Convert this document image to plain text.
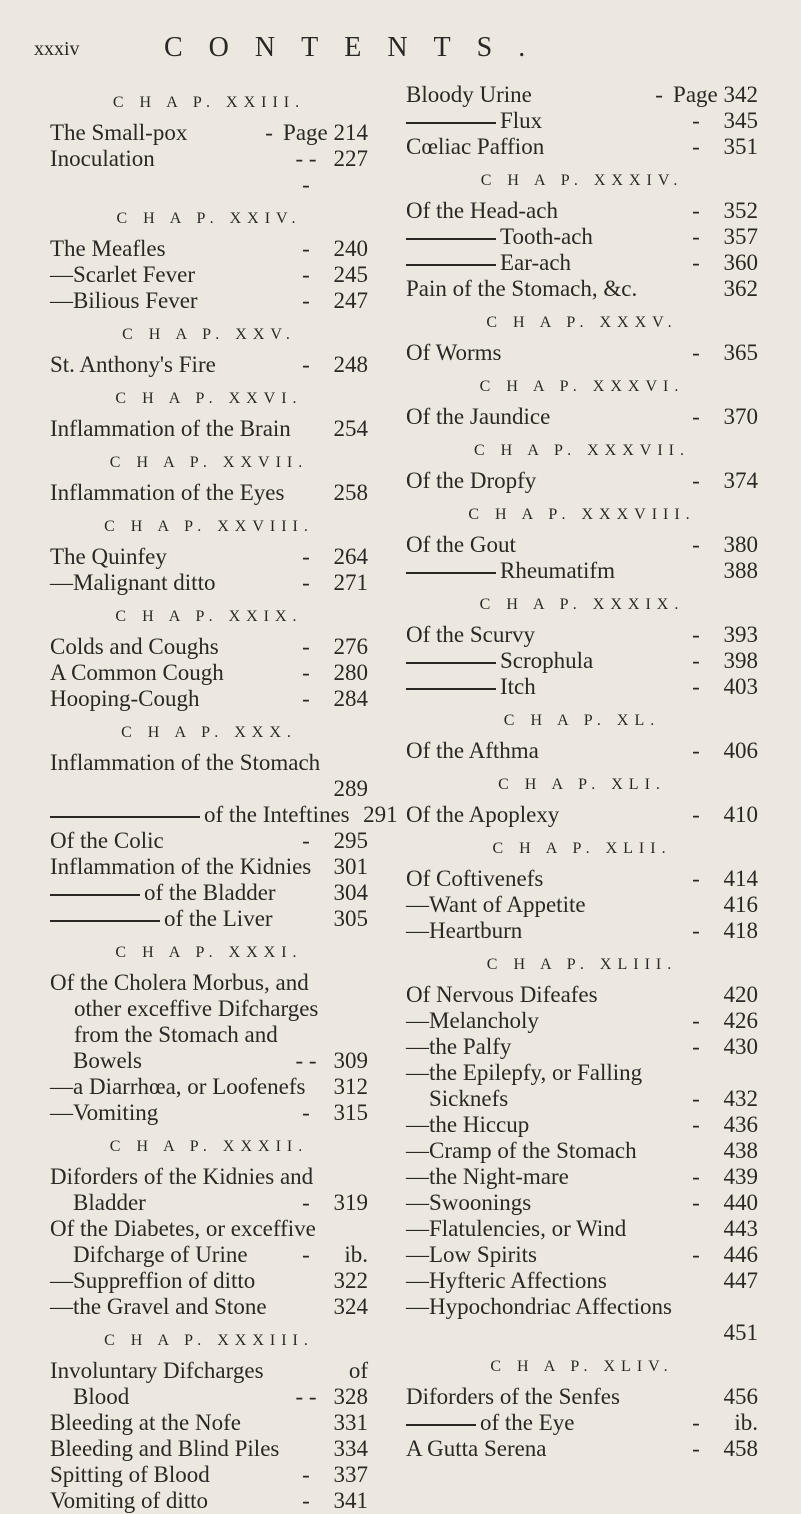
xxxiv	CONTENTS.
C H A P. XXIII.
The Small-pox	- Page 214
Inoculation	- - -
227
C H A P. XXIV.
The Meafles	-	240
—Scarlet Fever	-	245
—Bilious Fever	-	247
C H A P. XXV.
St. Anthony's Fire	-	248
C H A P. XXVI.
Inflammation of the Brain	254
C H A P. XXVII.
Inflammation of the Eyes	258
C H A P. XXVIII.
The Quinfey	-	264
—Malignant ditto	-	271
C H A P. XXIX.
Colds and Coughs	-	276
A Common Cough	-	280
Hooping-Cough	-	284
C H A P. XXX.
Inflammation of the Stomach
289
of the Inteftines 291
Of the Colic	-	295
Inflammation of the Kidnies 301
of the Bladder	304
of the Liver	305
C H A P. XXXI.
Of the Cholera Morbus, and
other exceffive Difcharges
from the Stomach and
Bowels	- - 309
—a Diarrhœa, or Loofenefs	312
—Vomiting	-	315
C H A P. XXXII.
Diforders of the Kidnies and
Bladder	-	319
Of the Diabetes, or exceffive
Difcharge of Urine	-	ib.
—Suppreffion of ditto	322
—the Gravel and Stone	324
C H A P. XXXIII.
Involuntary Difcharges	of
Blood	- - 328
Bleeding at the Nofe	331
Bleeding and Blind Piles	334
Spitting of Blood	-	337
Vomiting of ditto	-	341
Bloody Urine	- Page 342
Flux	-	345
Cœliac Paffion	-	351
C H A P. XXXIV.
Of the Head-ach	-	352
Tooth-ach	-	357
Ear-ach	-	360
Pain of the Stomach, &c.	362
C H A P. XXXV.
Of Worms	-	365
C H A P. XXXVI.
Of the Jaundice	-	370
C H A P. XXXVII.
Of the Dropfy	-	374
C H A P. XXXVIII.
Of the Gout	-	380
Rheumatifm	388
C H A P. XXXIX.
Of the Scurvy	-	393
Scrophula	-	398
Itch	-	403
C H A P. XL.
Of the Afthma	-	406
C H A P. XLI.
Of the Apoplexy	-	410
C H A P. XLII.
Of Coftivenefs	-	414
—Want of Appetite	416
—Heartburn	-	418
C H A P. XLIII.
Of Nervous Difeafes	420
—Melancholy	-	426
—the Palfy	-	430
—the Epilepfy, or Falling
Sicknefs	-	432
—the Hiccup	-	436
—Cramp of the Stomach	438
—the Night-mare	-	439
—Swoonings	-	440
—Flatulencies, or Wind	443
—Low Spirits	-	446
—Hyfteric Affections	447
—Hypochondriac Affections
451
C H A P. XLIV.
Diforders of the Senfes	456
of the Eye	-	ib.
A Gutta Serena	-	458
